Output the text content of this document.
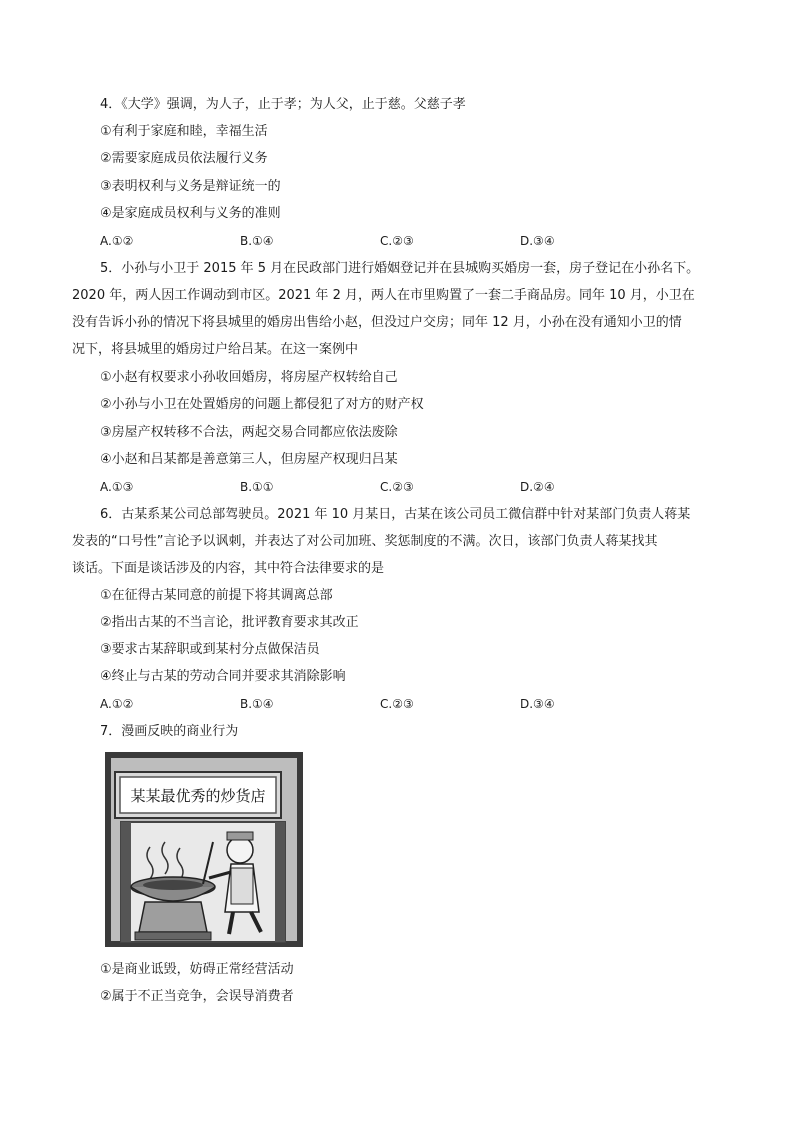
4．《大学》强调，为人子，止于孝；为人父，止于慈。父慈子孝
①有利于家庭和睦，幸福生活
②需要家庭成员依法履行义务
③表明权利与义务是辩证统一的
④是家庭成员权利与义务的准则
A.①②	B.①④	C.②③	D.③④
5．小孙与小卫于 2015 年 5 月在民政部门进行婚姻登记并在县城购买婚房一套，房子登记在小孙名下。
2020 年，两人因工作调动到市区。2021 年 2 月，两人在市里购置了一套二手商品房。同年 10 月，小卫在
没有告诉小孙的情况下将县城里的婚房出售给小赵，但没过户交房；同年 12 月，小孙在没有通知小卫的情
况下，将县城里的婚房过户给吕某。在这一案例中
①小赵有权要求小孙收回婚房，将房屋产权转给自己
②小孙与小卫在处置婚房的问题上都侵犯了对方的财产权
③房屋产权转移不合法，两起交易合同都应依法废除
④小赵和吕某都是善意第三人，但房屋产权现归吕某
A.①③	B.①①	C.②③	D.②④
6．古某系某公司总部驾驶员。2021 年 10 月某日，古某在该公司员工微信群中针对某部门负责人蒋某
发表的“口号性”言论予以讽刺，并表达了对公司加班、奖惩制度的不满。次日，该部门负责人蒋某找其
谈话。下面是谈话涉及的内容，其中符合法律要求的是
①在征得古某同意的前提下将其调离总部
②指出古某的不当言论，批评教育要求其改正
③要求古某辞职或到某村分点做保洁员
④终止与古某的劳动合同并要求其消除影响
A.①②	B.①④	C.②③	D.③④
7．漫画反映的商业行为
某某最优秀的炒货店
①是商业诋毁，妨碍正常经营活动
②属于不正当竞争，会误导消费者
